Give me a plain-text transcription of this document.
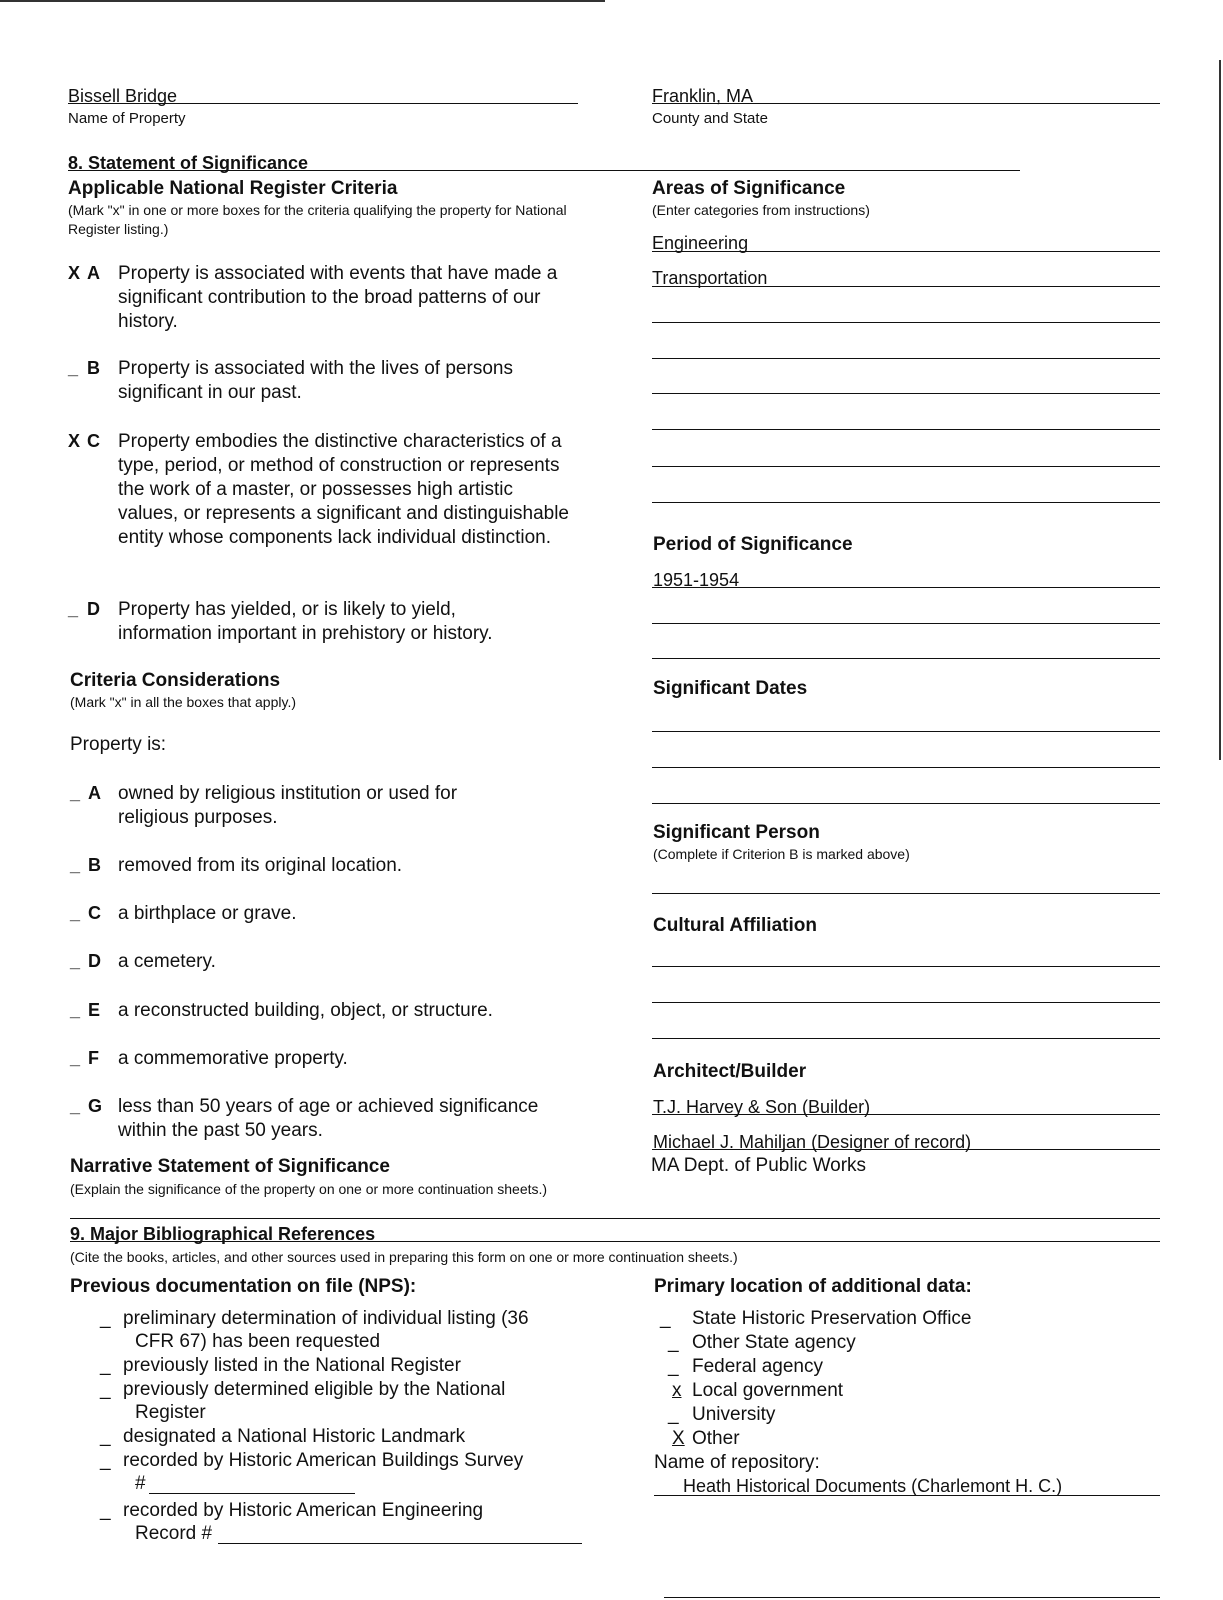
Bissell Bridge
Name of Property
Franklin, MA
County and State
8. Statement of Significance
Applicable National Register Criteria
(Mark "x" in one or more boxes for the criteria qualifying the property for National Register listing.)
X A Property is associated with events that have made a significant contribution to the broad patterns of our history.
_ B Property is associated with the lives of persons significant in our past.
X C Property embodies the distinctive characteristics of a type, period, or method of construction or represents the work of a master, or possesses high artistic values, or represents a significant and distinguishable entity whose components lack individual distinction.
_ D Property has yielded, or is likely to yield, information important in prehistory or history.
Criteria Considerations
(Mark "x" in all the boxes that apply.)
Property is:
_ A owned by religious institution or used for religious purposes.
_ B removed from its original location.
_ C a birthplace or grave.
_ D a cemetery.
_ E a reconstructed building, object, or structure.
_ F a commemorative property.
_ G less than 50 years of age or achieved significance within the past 50 years.
Narrative Statement of Significance
(Explain the significance of the property on one or more continuation sheets.)
Areas of Significance
(Enter categories from instructions)
Engineering
Transportation
Period of Significance
1951-1954
Significant Dates
Significant Person
(Complete if Criterion B is marked above)
Cultural Affiliation
Architect/Builder
T.J. Harvey & Son (Builder)
Michael J. Mahiljan (Designer of record)
MA Dept. of Public Works
9. Major Bibliographical References
(Cite the books, articles, and other sources used in preparing this form on one or more continuation sheets.)
Previous documentation on file (NPS):
_ preliminary determination of individual listing (36
CFR 67) has been requested
_ previously listed in the National Register
_ previously determined eligible by the National
Register
_ designated a National Historic Landmark
_ recorded by Historic American Buildings Survey
#
_ recorded by Historic American Engineering
Record #
Primary location of additional data:
_ State Historic Preservation Office
_ Other State agency
_ Federal agency
x Local government
_ University
X Other
Name of repository:
Heath Historical Documents (Charlemont H. C.)
